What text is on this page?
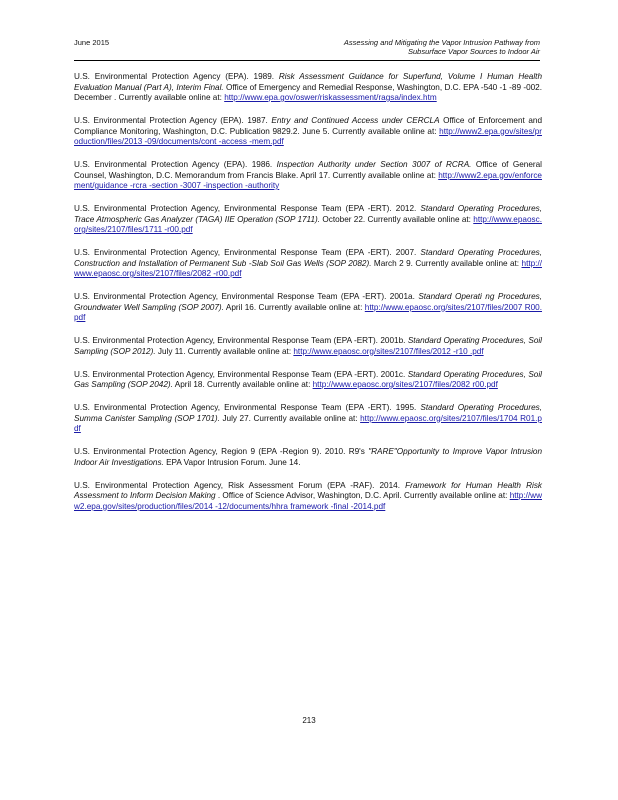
June 2015	Assessing and Mitigating the Vapor Intrusion Pathway from
Subsurface Vapor Sources to Indoor Air

U.S. Environmental Protection Agency (EPA). 1989. Risk Assessment Guidance for Superfund, Volume I Human Health Evaluation Manual (Part A), Interim Final. Office of Emergency and Remedial Response, Washington, D.C. EPA -540 -1 -89 -002. December . Currently available online at: http://www.epa.gov/oswer/riskassessment/ragsa/index.htm

U.S. Environmental Protection Agency (EPA). 1987. Entry and Continued Access under CERCLA Office of Enforcement and Compliance Monitoring, Washington, D.C. Publication 9829.2. June 5. Currently available online at: http://www2.epa.gov/sites/production/files/2013 -09/documents/cont -access -mem.pdf

U.S. Environmental Protection Agency (EPA). 1986. Inspection Authority under Section 3007 of RCRA. Office of General Counsel, Washington, D.C. Memorandum from Francis Blake. April 17. Currently available online at: http://www2.epa.gov/enforcement/guidance -rcra -section -3007 -inspection -authority

U.S. Environmental Protection Agency, Environmental Response Team (EPA -ERT). 2012. Standard Operating Procedures, Trace Atmospheric Gas Analyzer (TAGA) IIE Operation (SOP 1711). October 22. Currently available online at: http://www.epaosc.org/sites/2107/files/1711 -r00.pdf

U.S. Environmental Protection Agency, Environmental Response Team (EPA -ERT). 2007. Standard Operating Procedures, Construction and Installation of Permanent Sub -Slab Soil Gas Wells (SOP 2082). March 2 9. Currently available online at: http://www.epaosc.org/sites/2107/files/2082 -r00.pdf

U.S. Environmental Protection Agency, Environmental Response Team (EPA -ERT). 2001a. Standard Operati ng Procedures, Groundwater Well Sampling (SOP 2007). April 16. Currently available online at: http://www.epaosc.org/sites/2107/files/2007 R00.pdf

U.S. Environmental Protection Agency, Environmental Response Team (EPA -ERT). 2001b. Standard Operating Procedures, Soil Sampling (SOP 2012). July 11. Currently available online at: http://www.epaosc.org/sites/2107/files/2012 -r10 .pdf

U.S. Environmental Protection Agency, Environmental Response Team (EPA -ERT). 2001c. Standard Operating Procedures, Soil Gas Sampling (SOP 2042). April 18. Currently available online at: http://www.epaosc.org/sites/2107/files/2082 r00.pdf

U.S. Environmental Protection Agency, Environmental Response Team (EPA -ERT). 1995. Standard Operating Procedures, Summa Canister Sampling (SOP 1701). July 27. Currently available online at: http://www.epaosc.org/sites/2107/files/1704 R01.pdf

U.S. Environmental Protection Agency, Region 9 (EPA -Region 9). 2010. R9's "RARE"Opportunity to Improve Vapor Intrusion Indoor Air Investigations. EPA Vapor Intrusion Forum. June 14.

U.S. Environmental Protection Agency, Risk Assessment Forum (EPA -RAF). 2014. Framework for Human Health Risk Assessment to Inform Decision Making . Office of Science Advisor, Washington, D.C. April. Currently available online at: http://www2.epa.gov/sites/production/files/2014 -12/documents/hhra framework -final -2014.pdf

213
